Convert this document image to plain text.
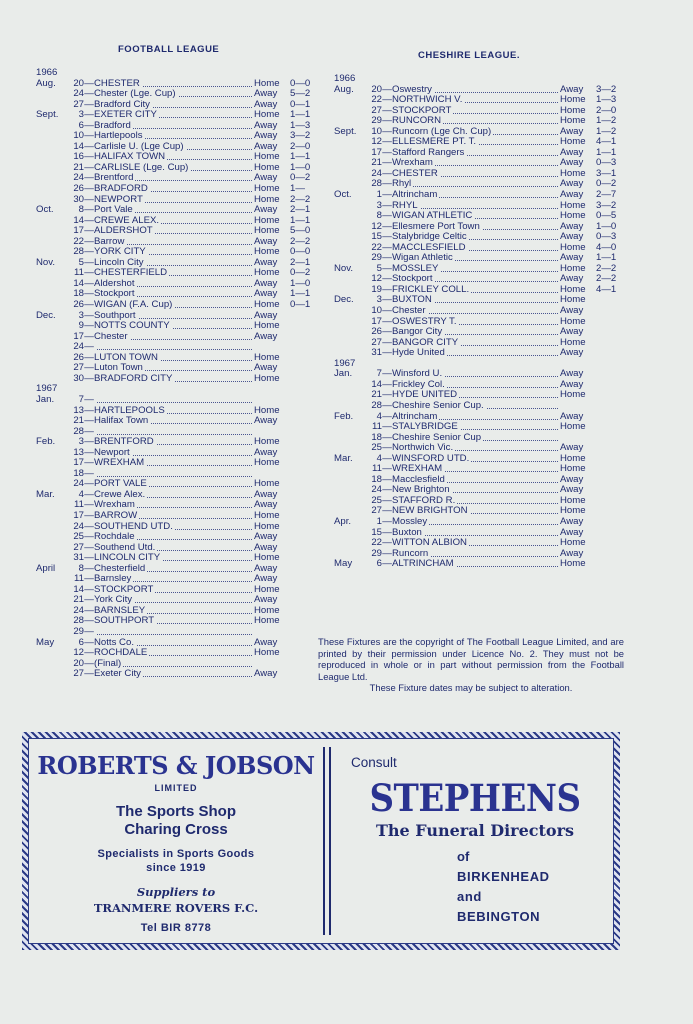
FOOTBALL LEAGUE
CHESHIRE LEAGUE.
1966
Aug.	20 — CHESTER	Home	0—0
24 — Chester (Lge. Cup)	Away	5—2
27 — Bradford City	Away	0—1
Sept.	3 — EXETER CITY	Home	1—1
6 — Bradford	Away	1—3
10 — Hartlepools	Away	3—2
14 — Carlisle U. (Lge Cup)	Away	2—0
16 — HALIFAX TOWN	Home	1—1
21 — CARLISLE (Lge. Cup)	Home	1—0
24 — Brentford	Away	0—2
26 — BRADFORD	Home	1—
30 — NEWPORT	Home	2—2
Oct.	8 — Port Vale	Away	2—1
14 — CREWE ALEX.	Home	1—1
17 — ALDERSHOT	Home	5—0
22 — Barrow	Away	2—2
28 — YORK CITY	Home	0—0
Nov.	5 — Lincoln City	Away	2—1
11 — CHESTERFIELD	Home	0—2
14 — Aldershot	Away	1—0
18 — Stockport	Away	1—1
26 — WIGAN (F.A. Cup)	Home	0—1
Dec.	3 — Southport	Away
9 — NOTTS COUNTY	Home
17 — Chester	Away
24 —
26 — LUTON TOWN	Home
27 — Luton Town	Away
30 — BRADFORD CITY	Home
1967
Jan.	7 —
13 — HARTLEPOOLS	Home
21 — Halifax Town	Away
28 —
Feb.	3 — BRENTFORD	Home
13 — Newport	Away
17 — WREXHAM	Home
18 —
24 — PORT VALE	Home
Mar.	4 — Crewe Alex.	Away
11 — Wrexham	Away
17 — BARROW	Home
24 — SOUTHEND UTD.	Home
25 — Rochdale	Away
27 — Southend Utd.	Away
31 — LINCOLN CITY	Home
April	8 — Chesterfield	Away
11 — Barnsley	Away
14 — STOCKPORT	Home
21 — York City	Away
24 — BARNSLEY	Home
28 — SOUTHPORT	Home
29 —
May	6 — Notts Co.	Away
12 — ROCHDALE	Home
20 — (Final)
27 — Exeter City	Away
1966
Aug.	20 — Oswestry	Away	3—2
22 — NORTHWICH V.	Home	1—3
27 — STOCKPORT	Home	2—0
29 — RUNCORN	Home	1—2
Sept.	10 — Runcorn (Lge Ch. Cup)	Away	1—2
12 — ELLESMERE PT. T.	Home	4—1
17 — Stafford Rangers	Away	1—1
21 — Wrexham	Away	0—3
24 — CHESTER	Home	3—1
28 — Rhyl	Away	0—2
Oct.	1 — Altrincham	Away	2—7
3 — RHYL	Home	3—2
8 — WIGAN ATHLETIC	Home	0—5
12 — Ellesmere Port Town	Away	1—0
15 — Stalybridge Celtic	Away	0—3
22 — MACCLESFIELD	Home	4—0
29 — Wigan Athletic	Away	1—1
Nov.	5 — MOSSLEY	Home	2—2
12 — Stockport	Away	2—2
19 — FRICKLEY COLL.	Home	4—1
Dec.	3 — BUXTON	Home
10 — Chester	Away
17 — OSWESTRY T.	Home
26 — Bangor City	Away
27 — BANGOR CITY	Home
31 — Hyde United	Away
1967
Jan.	7 — Winsford U.	Away
14 — Frickley Col.	Away
21 — HYDE UNITED	Home
28 — Cheshire Senior Cup.
Feb.	4 — Altrincham	Away
11 — STALYBRIDGE	Home
18 — Cheshire Senior Cup
25 — Northwich Vic.	Away
Mar.	4 — WINSFORD UTD.	Home
11 — WREXHAM	Home
18 — Macclesfield	Away
24 — New Brighton	Away
25 — STAFFORD R.	Home
27 — NEW BRIGHTON	Home
Apr.	1 — Mossley	Away
15 — Buxton	Away
22 — WITTON ALBION	Home
29 — Runcorn	Away
May	6 — ALTRINCHAM	Home
These Fixtures are the copyright of The Football League Limited, and are printed by their permission under Licence No. 2. They must not be reproduced in whole or in part without permission from the Football League Ltd.

These Fixture dates may be subject to alteration.

ROBERTS & JOBSON
LIMITED
The Sports Shop
Charing Cross
Specialists in Sports Goods
since 1919
Suppliers to
TRANMERE ROVERS F.C.
Tel BIR 8778
Consult
STEPHENS
The Funeral Directors
of
BIRKENHEAD
and
BEBINGTON
